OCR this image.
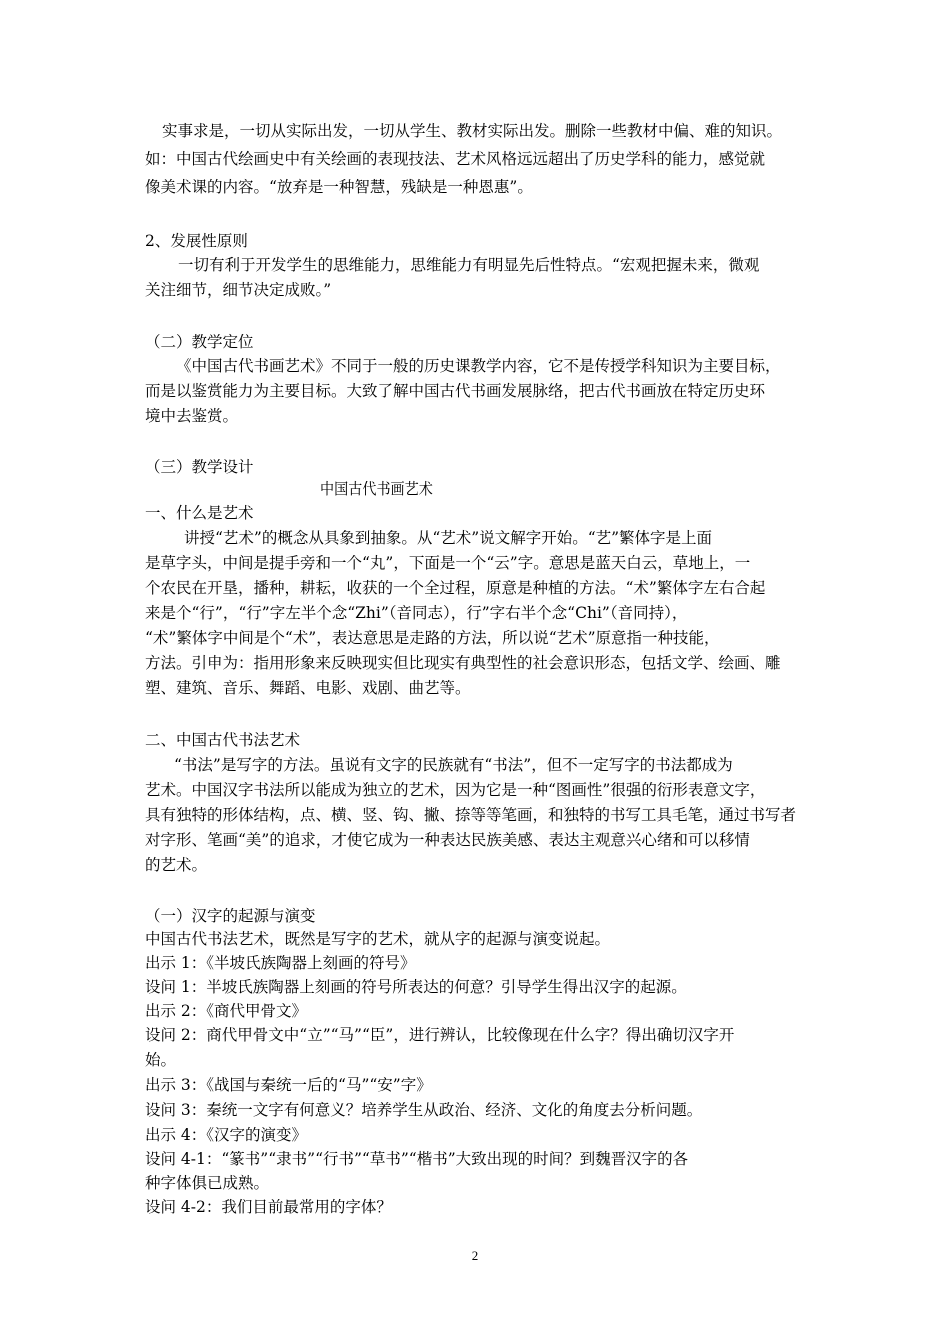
实事求是，一切从实际出发，一切从学生、教材实际出发。删除一些教材中偏、难的知识。
如：中国古代绘画史中有关绘画的表现技法、艺术风格远远超出了历史学科的能力，感觉就
像美术课的内容。“放弃是一种智慧，残缺是一种恩惠”。
2、发展性原则
一切有利于开发学生的思维能力，思维能力有明显先后性特点。“宏观把握未来，微观
关注细节，细节决定成败。”
（二）教学定位
《中国古代书画艺术》不同于一般的历史课教学内容，它不是传授学科知识为主要目标，
而是以鉴赏能力为主要目标。大致了解中国古代书画发展脉络，把古代书画放在特定历史环
境中去鉴赏。
（三）教学设计
中国古代书画艺术
一、什么是艺术
讲授“艺术”的概念从具象到抽象。从“艺术”说文解字开始。“艺”繁体字是上面
是草字头，中间是提手旁和一个“丸”，下面是一个“云”字。意思是蓝天白云，草地上，一
个农民在开垦，播种，耕耘，收获的一个全过程，原意是种植的方法。“术”繁体字左右合起
来是个“行”，“行”字左半个念“Zhi”（音同志），行”字右半个念“Chi”（音同持），
“术”繁体字中间是个“术”，表达意思是走路的方法，所以说“艺术”原意指一种技能，
方法。引申为：指用形象来反映现实但比现实有典型性的社会意识形态，包括文学、绘画、雕
塑、建筑、音乐、舞蹈、电影、戏剧、曲艺等。
二、中国古代书法艺术
“书法”是写字的方法。虽说有文字的民族就有“书法”，但不一定写字的书法都成为
艺术。中国汉字书法所以能成为独立的艺术，因为它是一种“图画性”很强的衍形表意文字，
具有独特的形体结构，点、横、竖、钩、撇、捺等等笔画，和独特的书写工具毛笔，通过书写者
对字形、笔画“美”的追求，才使它成为一种表达民族美感、表达主观意兴心绪和可以移情
的艺术。
（一）汉字的起源与演变
中国古代书法艺术，既然是写字的艺术，就从字的起源与演变说起。
出示 1：《半坡氏族陶器上刻画的符号》
设问 1：半坡氏族陶器上刻画的符号所表达的何意？引导学生得出汉字的起源。
出示 2：《商代甲骨文》
设问 2：商代甲骨文中“立”“马”“臣”，进行辨认，比较像现在什么字？得出确切汉字开
始。
出示 3：《战国与秦统一后的“马”“安”字》
设问 3：秦统一文字有何意义？培养学生从政治、经济、文化的角度去分析问题。
出示 4：《汉字的演变》
设问 4-1：“篆书”“隶书”“行书”“草书”“楷书”大致出现的时间？到魏晋汉字的各
种字体俱已成熟。
设问 4-2：我们目前最常用的字体？
2
